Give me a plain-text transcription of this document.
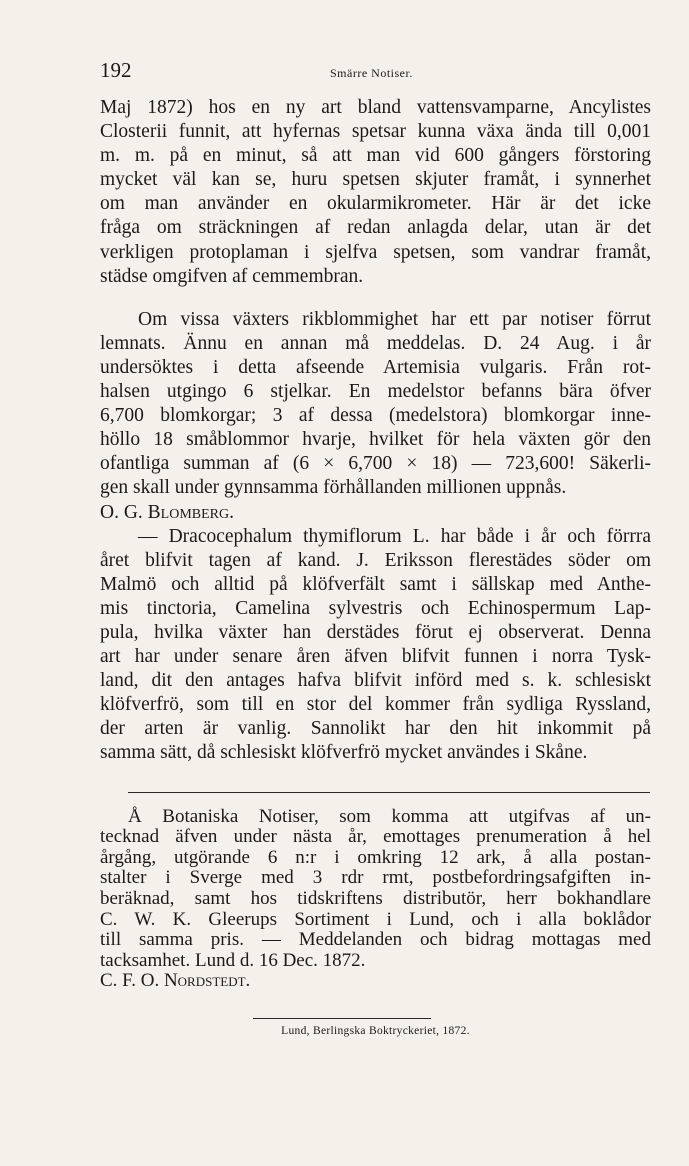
192	Smärre Notiser.

Maj 1872) hos en ny art bland vattensvamparne, Ancylistes

Closterii funnit, att hyfernas spetsar kunna växa ända till 0,001

m. m. på en minut, så att man vid 600 gångers förstoring

mycket väl kan se, huru spetsen skjuter framåt, i synnerhet

om man använder en okularmikrometer. Här är det icke

fråga om sträckningen af redan anlagda delar, utan är det

verkligen protoplaman i sjelfva spetsen, som vandrar framåt,

städse omgifven af cemmembran.

Om vissa växters rikblommighet har ett par notiser förrut

lemnats. Ännu en annan må meddelas. D. 24 Aug. i år

undersöktes i detta afseende Artemisia vulgaris. Från rot-

halsen utgingo 6 stjelkar. En medelstor befanns bära öfver

6,700 blomkorgar; 3 af dessa (medelstora) blomkorgar inne-

höllo 18 småblommor hvarje, hvilket för hela växten gör den

ofantliga summan af (6 × 6,700 × 18) — 723,600! Säkerli-

gen skall under gynnsamma förhållanden millionen uppnås.

O. G. Blomberg.

— Dracocephalum thymiflorum L. har både i år och förrra

året blifvit tagen af kand. J. Eriksson flerestädes söder om

Malmö och alltid på klöfverfält samt i sällskap med Anthe-

mis tinctoria, Camelina sylvestris och Echinospermum Lap-

pula, hvilka växter han derstädes förut ej observerat. Denna

art har under senare åren äfven blifvit funnen i norra Tysk-

land, dit den antages hafva blifvit införd med s. k. schlesiskt

klöfverfrö, som till en stor del kommer från sydliga Ryssland,

der arten är vanlig. Sannolikt har den hit inkommit på

samma sätt, då schlesiskt klöfverfrö mycket användes i Skåne.

Å Botaniska Notiser, som komma att utgifvas af un-

tecknad äfven under nästa år, emottages prenumeration å hel

årgång, utgörande 6 n:r i omkring 12 ark, å alla postan-

stalter i Sverge med 3 rdr rmt, postbefordringsafgiften in-

beräknad, samt hos tidskriftens distributör, herr bokhandlare

C. W. K. Gleerups Sortiment i Lund, och i alla boklådor

till samma pris. — Meddelanden och bidrag mottagas med

tacksamhet. Lund d. 16 Dec. 1872.

C. F. O. Nordstedt.

Lund, Berlingska Boktryckeriet, 1872.
